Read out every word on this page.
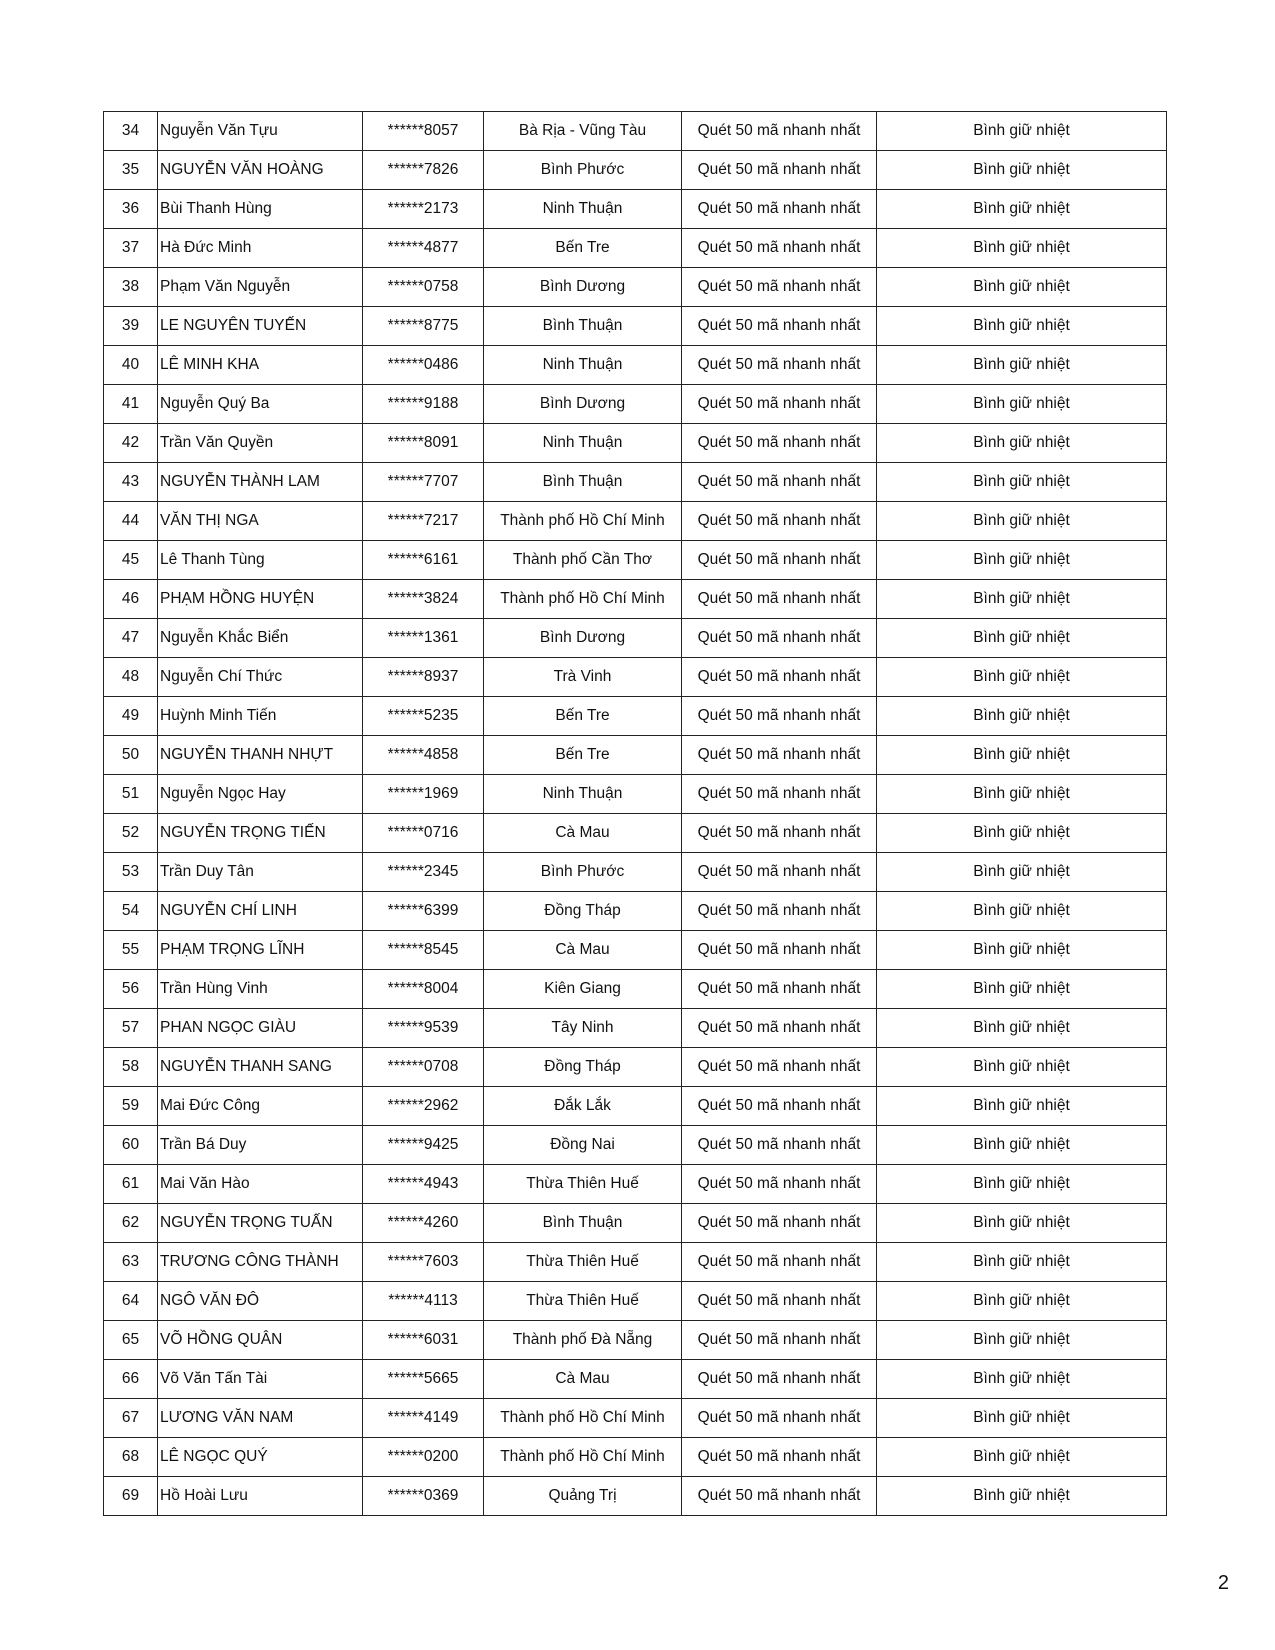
34	Nguyễn Văn Tựu	******8057	Bà Rịa - Vũng Tàu	Quét 50 mã nhanh nhất	Bình giữ nhiệt
35	NGUYỄN VĂN HOÀNG	******7826	Bình Phước	Quét 50 mã nhanh nhất	Bình giữ nhiệt
36	Bùi Thanh Hùng	******2173	Ninh Thuận	Quét 50 mã nhanh nhất	Bình giữ nhiệt
37	Hà Đức Minh	******4877	Bến Tre	Quét 50 mã nhanh nhất	Bình giữ nhiệt
38	Phạm Văn Nguyễn	******0758	Bình Dương	Quét 50 mã nhanh nhất	Bình giữ nhiệt
39	LE NGUYÊN TUYẾN	******8775	Bình Thuận	Quét 50 mã nhanh nhất	Bình giữ nhiệt
40	LÊ MINH KHA	******0486	Ninh Thuận	Quét 50 mã nhanh nhất	Bình giữ nhiệt
41	Nguyễn Quý Ba	******9188	Bình Dương	Quét 50 mã nhanh nhất	Bình giữ nhiệt
42	Trần Văn Quyền	******8091	Ninh Thuận	Quét 50 mã nhanh nhất	Bình giữ nhiệt
43	NGUYỄN THÀNH LAM	******7707	Bình Thuận	Quét 50 mã nhanh nhất	Bình giữ nhiệt
44	VĂN THỊ NGA	******7217	Thành phố Hồ Chí Minh	Quét 50 mã nhanh nhất	Bình giữ nhiệt
45	Lê Thanh Tùng	******6161	Thành phố Cần Thơ	Quét 50 mã nhanh nhất	Bình giữ nhiệt
46	PHẠM HỒNG HUYỆN	******3824	Thành phố Hồ Chí Minh	Quét 50 mã nhanh nhất	Bình giữ nhiệt
47	Nguyễn Khắc Biển	******1361	Bình Dương	Quét 50 mã nhanh nhất	Bình giữ nhiệt
48	Nguyễn Chí Thức	******8937	Trà Vinh	Quét 50 mã nhanh nhất	Bình giữ nhiệt
49	Huỳnh Minh Tiến	******5235	Bến Tre	Quét 50 mã nhanh nhất	Bình giữ nhiệt
50	NGUYỄN THANH NHỰT	******4858	Bến Tre	Quét 50 mã nhanh nhất	Bình giữ nhiệt
51	Nguyễn Ngọc Hay	******1969	Ninh Thuận	Quét 50 mã nhanh nhất	Bình giữ nhiệt
52	NGUYỄN TRỌNG TIẾN	******0716	Cà Mau	Quét 50 mã nhanh nhất	Bình giữ nhiệt
53	Trần Duy Tân	******2345	Bình Phước	Quét 50 mã nhanh nhất	Bình giữ nhiệt
54	NGUYỄN CHÍ LINH	******6399	Đồng Tháp	Quét 50 mã nhanh nhất	Bình giữ nhiệt
55	PHẠM TRỌNG LĨNH	******8545	Cà Mau	Quét 50 mã nhanh nhất	Bình giữ nhiệt
56	Trần Hùng Vinh	******8004	Kiên Giang	Quét 50 mã nhanh nhất	Bình giữ nhiệt
57	PHAN NGỌC GIÀU	******9539	Tây Ninh	Quét 50 mã nhanh nhất	Bình giữ nhiệt
58	NGUYỄN THANH SANG	******0708	Đồng Tháp	Quét 50 mã nhanh nhất	Bình giữ nhiệt
59	Mai Đức Công	******2962	Đắk Lắk	Quét 50 mã nhanh nhất	Bình giữ nhiệt
60	Trần Bá Duy	******9425	Đồng Nai	Quét 50 mã nhanh nhất	Bình giữ nhiệt
61	Mai Văn Hào	******4943	Thừa Thiên Huế	Quét 50 mã nhanh nhất	Bình giữ nhiệt
62	NGUYỄN TRỌNG TUẤN	******4260	Bình Thuận	Quét 50 mã nhanh nhất	Bình giữ nhiệt
63	TRƯƠNG CÔNG THÀNH	******7603	Thừa Thiên Huế	Quét 50 mã nhanh nhất	Bình giữ nhiệt
64	NGÔ VĂN ĐÔ	******4113	Thừa Thiên Huế	Quét 50 mã nhanh nhất	Bình giữ nhiệt
65	VÕ HỒNG QUÂN	******6031	Thành phố Đà Nẵng	Quét 50 mã nhanh nhất	Bình giữ nhiệt
66	Võ Văn Tấn Tài	******5665	Cà Mau	Quét 50 mã nhanh nhất	Bình giữ nhiệt
67	LƯƠNG VĂN NAM	******4149	Thành phố Hồ Chí Minh	Quét 50 mã nhanh nhất	Bình giữ nhiệt
68	LÊ NGỌC QUÝ	******0200	Thành phố Hồ Chí Minh	Quét 50 mã nhanh nhất	Bình giữ nhiệt
69	Hồ Hoài Lưu	******0369	Quảng Trị	Quét 50 mã nhanh nhất	Bình giữ nhiệt
2
